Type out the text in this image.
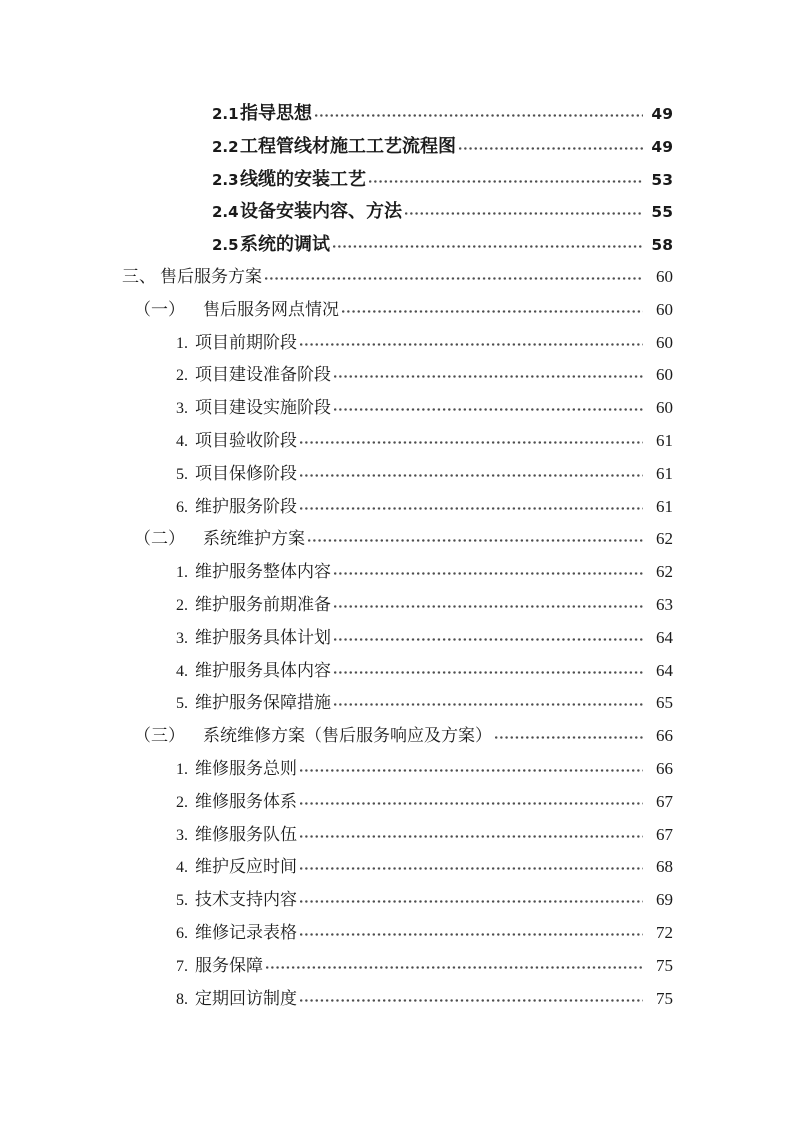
2.1 指导思想	49
2.2 工程管线材施工工艺流程图	49
2.3 线缆的安装工艺	53
2.4 设备安装内容、方法	55
2.5 系统的调试	58
三、 售后服务方案	60
（一）	售后服务网点情况	60
1. 项目前期阶段	60
2. 项目建设准备阶段	60
3. 项目建设实施阶段	60
4. 项目验收阶段	61
5. 项目保修阶段	61
6. 维护服务阶段	61
（二）	系统维护方案	62
1. 维护服务整体内容	62
2. 维护服务前期准备	63
3. 维护服务具体计划	64
4. 维护服务具体内容	64
5. 维护服务保障措施	65
（三）	系统维修方案（售后服务响应及方案）	66
1. 维修服务总则	66
2. 维修服务体系	67
3. 维修服务队伍	67
4. 维护反应时间	68
5. 技术支持内容	69
6. 维修记录表格	72
7. 服务保障	75
8. 定期回访制度	75
